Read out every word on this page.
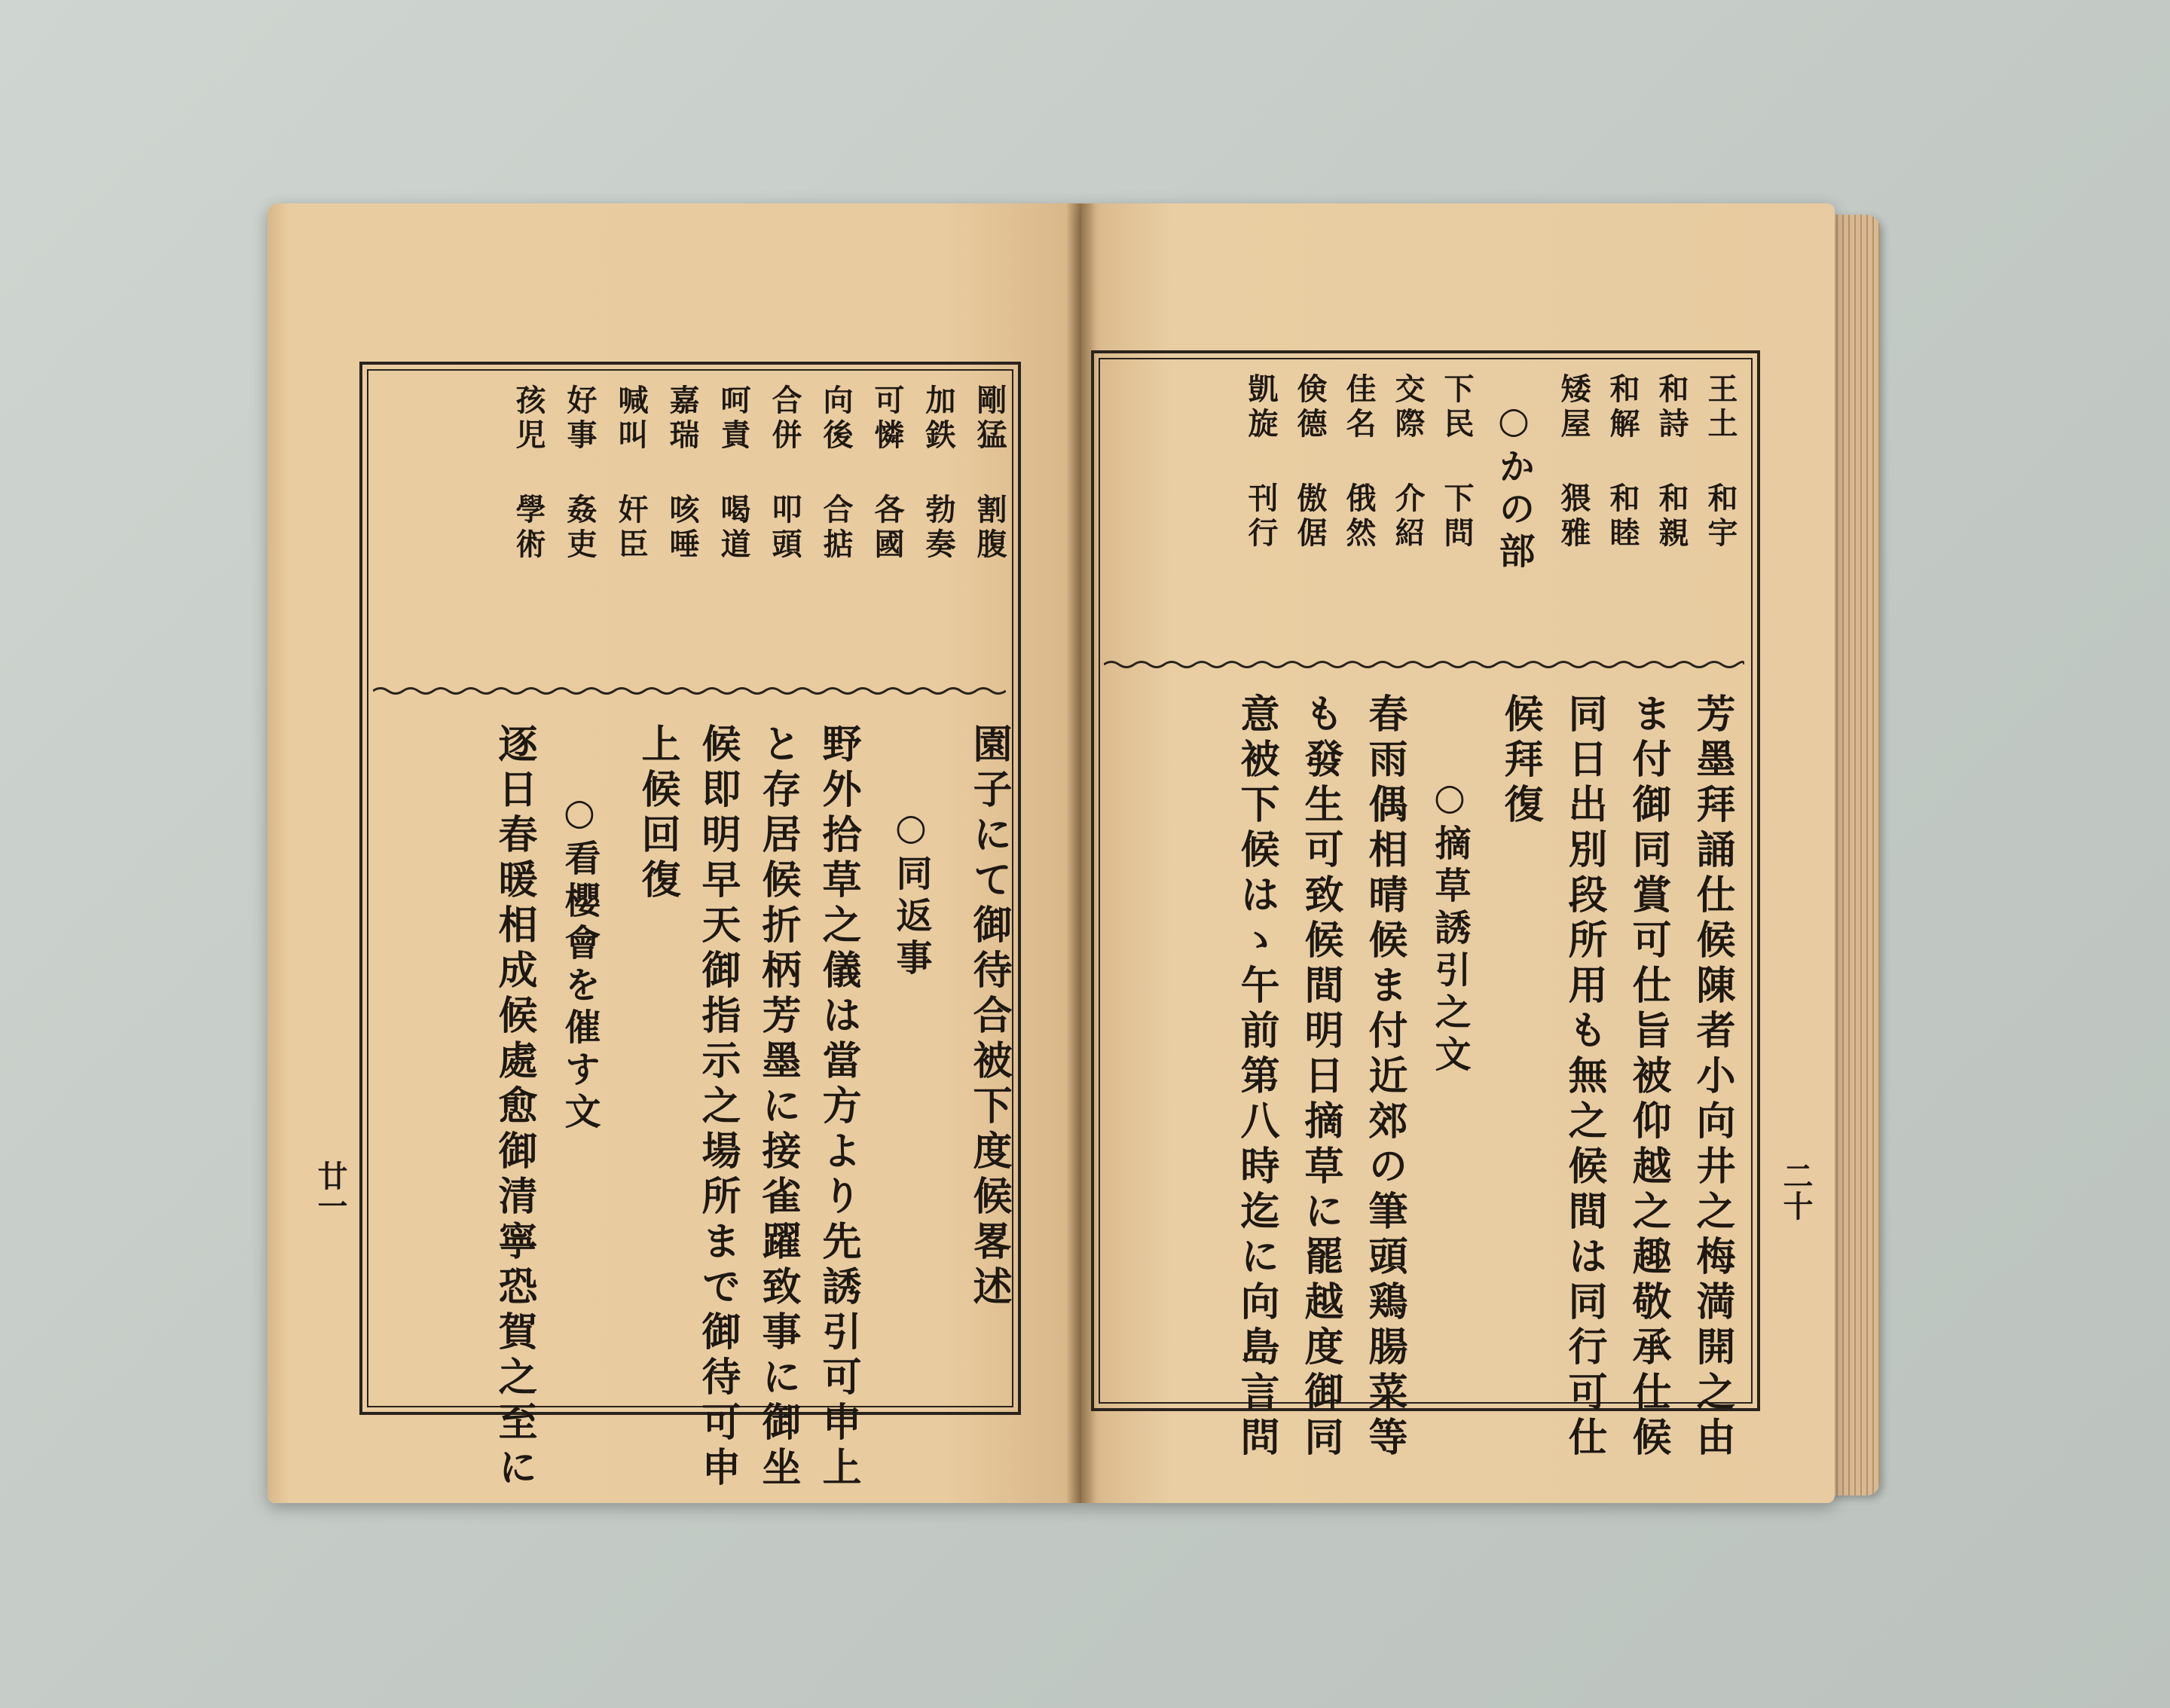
剛猛 割腹
加鉄 勃奏
可憐 各國
向後 合掂
合併 叩頭
呵責 喝道
嘉瑞 咳唾
喊叫 奸臣
好事 姦吏
孩児 學術
園子にて御待合被下度候畧述
○同返事
野外拾草之儀は當方より先誘引可申上
と存居候折柄芳墨に接雀躍致事に御坐
候即明早天御指示之場所まで御待可申
上候回復
○看櫻會を催す文
逐日春暖相成候處愈御清寧恐賀之至に
廿一
王土 和宇
和詩 和親
和解 和睦
矮屋 猥雅
○かの部
下民 下問
交際 介紹
佳名 俄然
倹德 傲倨
凱旋 刊行
芳墨拜誦仕候陳者小向井之梅満開之由
ま付御同賞可仕旨被仰越之趣敬承仕候
同日出別段所用も無之候間は同行可仕
候拜復
○摘草誘引之文
春雨偶相晴候ま付近郊の筆頭鶏腸菜等
も發生可致候間明日摘草に罷越度御同
意被下候はゝ午前第八時迄に向島言問	二十
